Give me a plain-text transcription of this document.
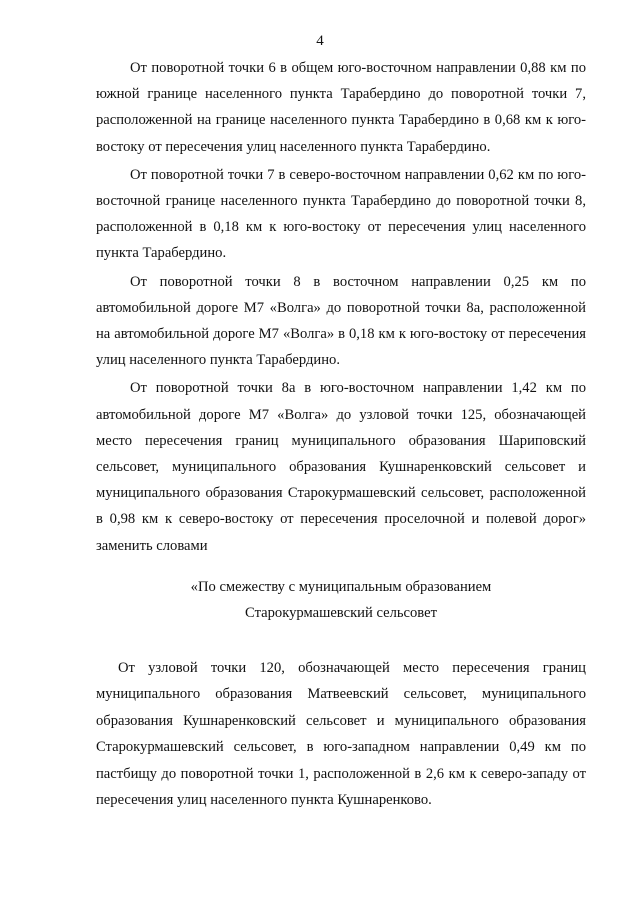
4

От поворотной точки 6 в общем юго-восточном направлении 0,88 км по южной границе населенного пункта Тарабердино до поворотной точки 7, расположенной на границе населенного пункта Тарабердино в 0,68 км к юго-востоку от пересечения улиц населенного пункта Тарабердино.

От поворотной точки 7 в северо-восточном направлении 0,62 км по юго-восточной границе населенного пункта Тарабердино до поворотной точки 8, расположенной в 0,18 км к юго-востоку от пересечения улиц населенного пункта Тарабердино.

От поворотной точки 8 в восточном направлении 0,25 км по автомобильной дороге М7 «Волга» до поворотной точки 8а, расположенной на автомобильной дороге М7 «Волга» в 0,18 км к юго-востоку от пересечения улиц населенного пункта Тарабердино.

От поворотной точки 8а в юго-восточном направлении 1,42 км по автомобильной дороге М7 «Волга» до узловой точки 125, обозначающей место пересечения границ муниципального образования Шариповский сельсовет, муниципального образования Кушнаренковский сельсовет и муниципального образования Старокурмашевский сельсовет, расположенной в 0,98 км к северо-востоку от пересечения проселочной и полевой дорог» заменить словами

«По смежеству с муниципальным образованием
Старокурмашевский сельсовет

От узловой точки 120, обозначающей место пересечения границ муниципального образования Матвеевский сельсовет, муниципального образования Кушнаренковский сельсовет и муниципального образования Старокурмашевский сельсовет, в юго-западном направлении 0,49 км по пастбищу до поворотной точки 1, расположенной в 2,6 км к северо-западу от пересечения улиц населенного пункта Кушнаренково.
